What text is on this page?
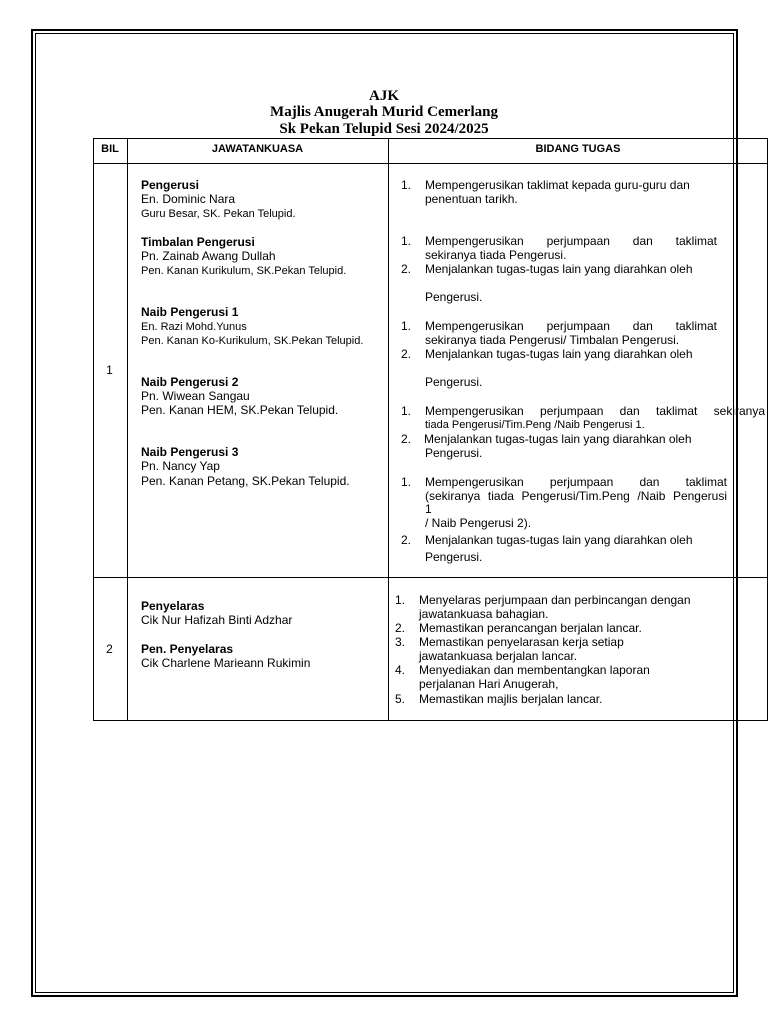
AJK
Majlis Anugerah Murid Cemerlang
Sk Pekan Telupid Sesi 2024/2025
BIL	JAWATANKUASA	BIDANG TUGAS
1
Pengerusi
En. Dominic Nara
Guru Besar, SK. Pekan Telupid.
Timbalan Pengerusi
Pn. Zainab Awang Dullah
Pen. Kanan Kurikulum, SK.Pekan Telupid.
Naib Pengerusi 1
En. Razi Mohd.Yunus
Pen. Kanan Ko-Kurikulum, SK.Pekan Telupid.
Naib Pengerusi 2
Pn. Wiwean Sangau
Pen. Kanan HEM, SK.Pekan Telupid.
Naib Pengerusi 3
Pn. Nancy Yap
Pen. Kanan Petang, SK.Pekan Telupid.
1. Mempengerusikan taklimat kepada guru-guru dan
penentuan tarikh.
1. Mempengerusikan perjumpaan dan taklimat
sekiranya tiada Pengerusi.
2. Menjalankan tugas-tugas lain yang diarahkan oleh
Pengerusi.
1. Mempengerusikan perjumpaan dan taklimat
sekiranya tiada Pengerusi/ Timbalan Pengerusi.
2. Menjalankan tugas-tugas lain yang diarahkan oleh
Pengerusi.
1. Mempengerusikan perjumpaan dan taklimat sekiranya
tiada Pengerusi/Tim.Peng /Naib Pengerusi 1.
2. Menjalankan tugas-tugas lain yang diarahkan oleh
Pengerusi.
1. Mempengerusikan perjumpaan dan taklimat
(sekiranya tiada Pengerusi/Tim.Peng /Naib Pengerusi
1
/ Naib Pengerusi 2).
2. Menjalankan tugas-tugas lain yang diarahkan oleh
Pengerusi.
2
Penyelaras
Cik Nur Hafizah Binti Adzhar
Pen. Penyelaras
Cik Charlene Marieann Rukimin
1. Menyelaras perjumpaan dan perbincangan dengan
jawatankuasa bahagian.
2. Memastikan perancangan berjalan lancar.
3. Memastikan penyelarasan kerja setiap
jawatankuasa berjalan lancar.
4. Menyediakan dan membentangkan laporan
perjalanan Hari Anugerah,
5. Memastikan majlis berjalan lancar.
